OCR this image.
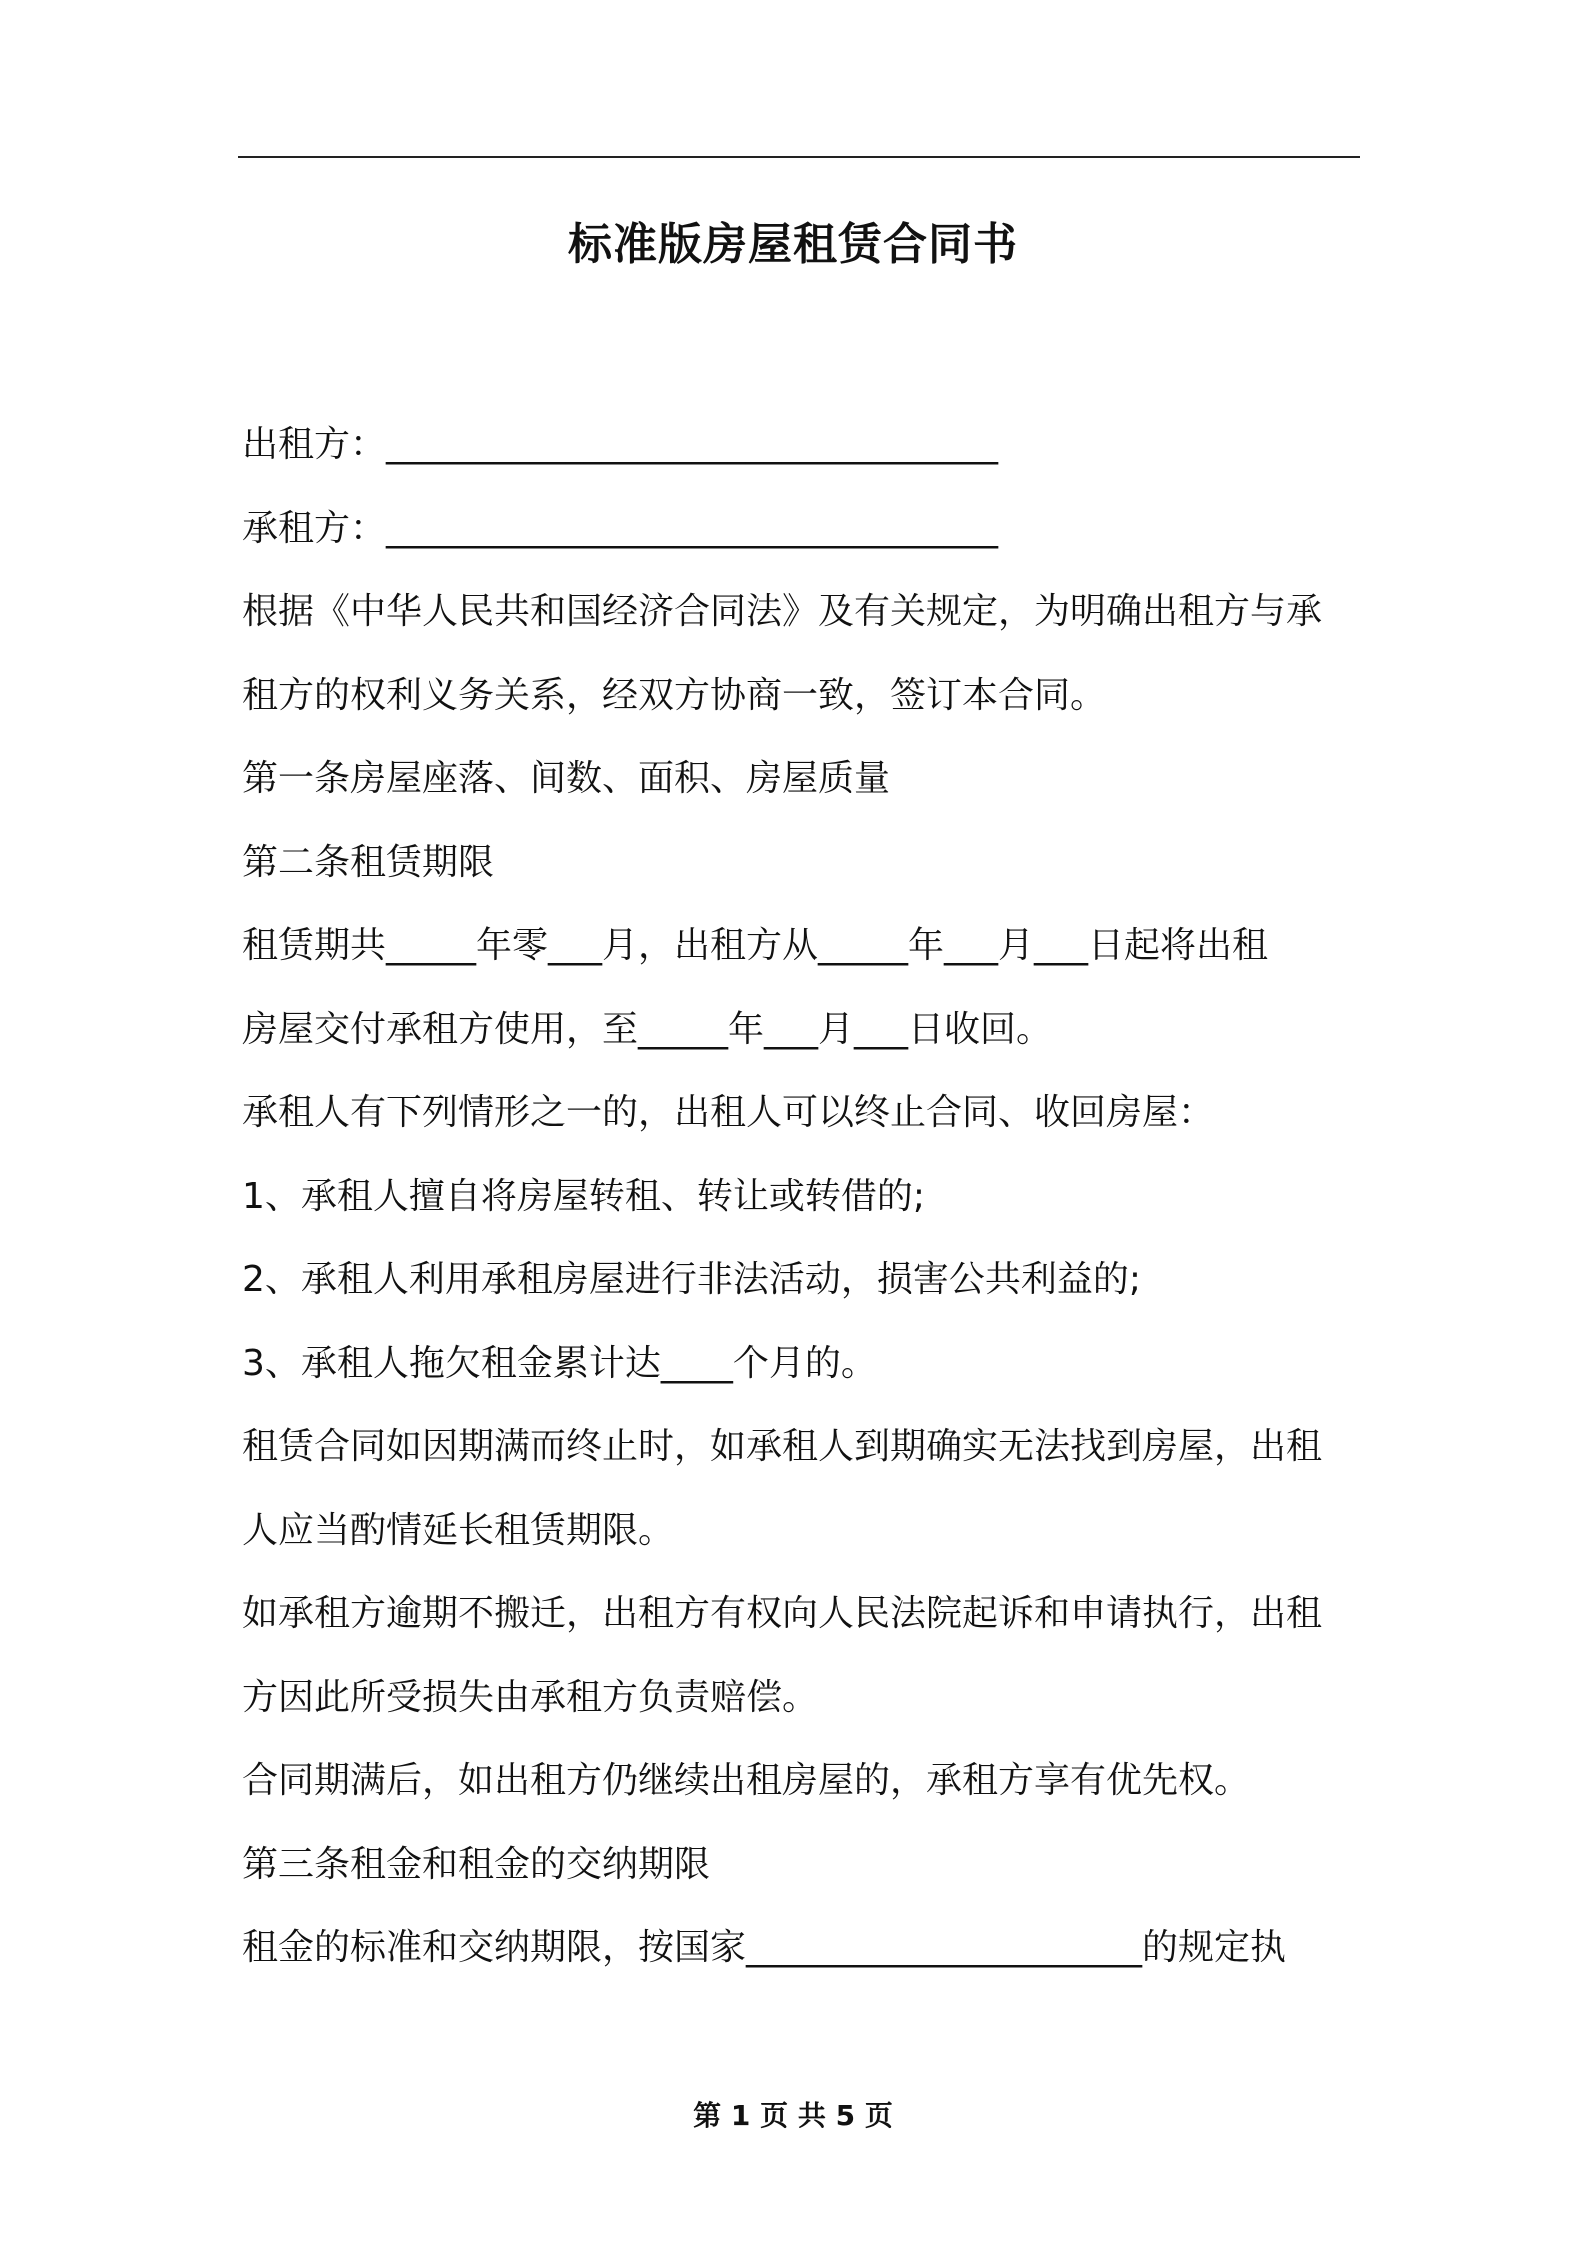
标准版房屋租赁合同书
出租方：__________________________________
承租方：__________________________________
根据《中华人民共和国经济合同法》及有关规定，为明确出租方与承
租方的权利义务关系，经双方协商一致，签订本合同。
第一条房屋座落、间数、面积、房屋质量
第二条租赁期限
租赁期共_____年零___月，出租方从_____年___月___日起将出租
房屋交付承租方使用，至_____年___月___日收回。
承租人有下列情形之一的，出租人可以终止合同、收回房屋：
1、承租人擅自将房屋转租、转让或转借的;
2、承租人利用承租房屋进行非法活动，损害公共利益的;
3、承租人拖欠租金累计达____个月的。
租赁合同如因期满而终止时，如承租人到期确实无法找到房屋，出租
人应当酌情延长租赁期限。
如承租方逾期不搬迁，出租方有权向人民法院起诉和申请执行，出租
方因此所受损失由承租方负责赔偿。
合同期满后，如出租方仍继续出租房屋的，承租方享有优先权。
第三条租金和租金的交纳期限
租金的标准和交纳期限，按国家______________________的规定执
第 1 页 共 5 页
